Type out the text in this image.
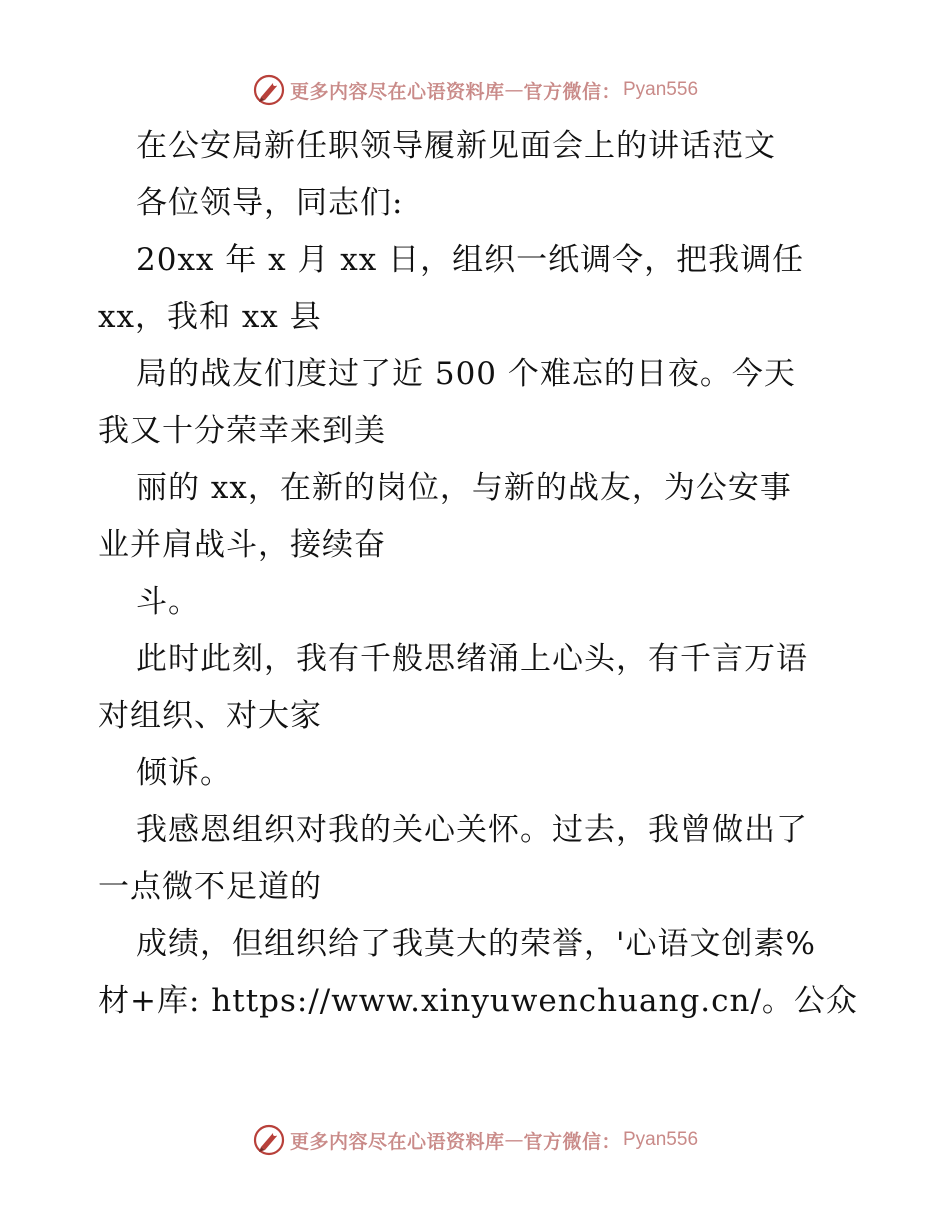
更多内容尽在心语资料库 — 官方微信： Pyan556
在公安局新任职领导履新见面会上的讲话范文
各位领导，同志们:
20xx 年 x 月 xx 日，组织一纸调令，把我调任
xx，我和 xx 县
局的战友们度过了近 500 个难忘的日夜。今天
我又十分荣幸来到美
丽的 xx，在新的岗位，与新的战友，为公安事
业并肩战斗，接续奋
斗。
此时此刻，我有千般思绪涌上心头，有千言万语
对组织、对大家
倾诉。
我感恩组织对我的关心关怀。过去，我曾做出了
一点微不足道的
成绩，但组织给了我莫大的荣誉，'心语文创素%
材+库: https://www.xinyuwenchuang.cn/。公众
更多内容尽在心语资料库 — 官方微信： Pyan556
